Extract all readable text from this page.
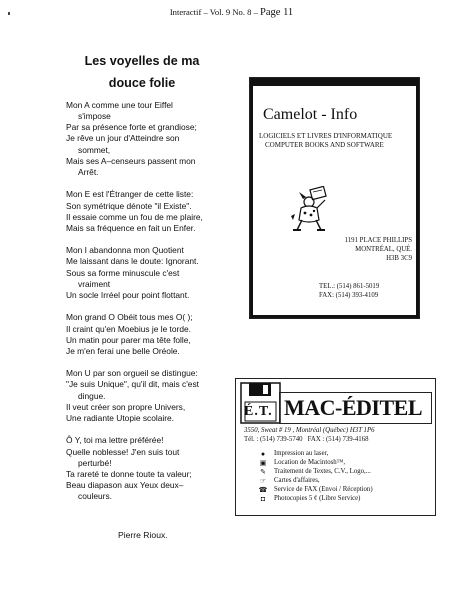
Interactif – Vol. 9 No. 8 – Page 11
Les voyelles de ma
douce folie
Mon A comme une tour Eiffel
s'impose
Par sa présence forte et grandiose;
Je rêve un jour d'Atteindre son
sommet,
Mais ses A–censeurs passent mon
Arrêt.
Mon E est l'Étranger de cette liste:
Son symétrique dénote "il Existe".
Il essaie comme un fou de me plaire,
Mais sa fréquence en fait un Enfer.
Mon I abandonna mon Quotient
Me laissant dans le doute: Ignorant.
Sous sa forme minuscule c'est
vraiment
Un socle Irréel pour point flottant.
Mon grand O Obéit tous mes O( );
Il craint qu'en Moebius je le torde.
Un matin pour parer ma tête folle,
Je m'en ferai une belle Oréole.
Mon U par son orgueil se distingue:
"Je suis Unique", qu'il dit, mais c'est
dingue.
Il veut créer son propre Univers,
Une radiante Utopie scolaire.
Ô Y, toi ma lettre préférée!
Quelle noblesse! J'en suis tout
perturbé!
Ta rareté te donne toute ta valeur;
Beau diapason aux Yeux deux–
couleurs.
Pierre Rioux.
Camelot - Info
LOGICIELS ET LIVRES D'INFORMATIQUE
COMPUTER BOOKS AND SOFTWARE
1191 PLACE PHILLIPS
MONTRÉAL, QUÉ.
H3B 3C9
TEL.: (514) 861-5019
FAX: (514) 393-4109
É.T. MAC-ÉDITEL
3550, Sweat # 19 , Montréal (Québec) H3T 1P6
Tél. : (514) 739-5740 FAX : (514) 739-4168
●	Impression au laser,
▣ Location de Macintosh™,
✎	Traitement de Textes, C.V., Logo,...
☞ Cartes d'affaires,
☎ Service de FAX (Envoi / Réception)
◘	Photocopies 5 ¢ (Libre Service)
